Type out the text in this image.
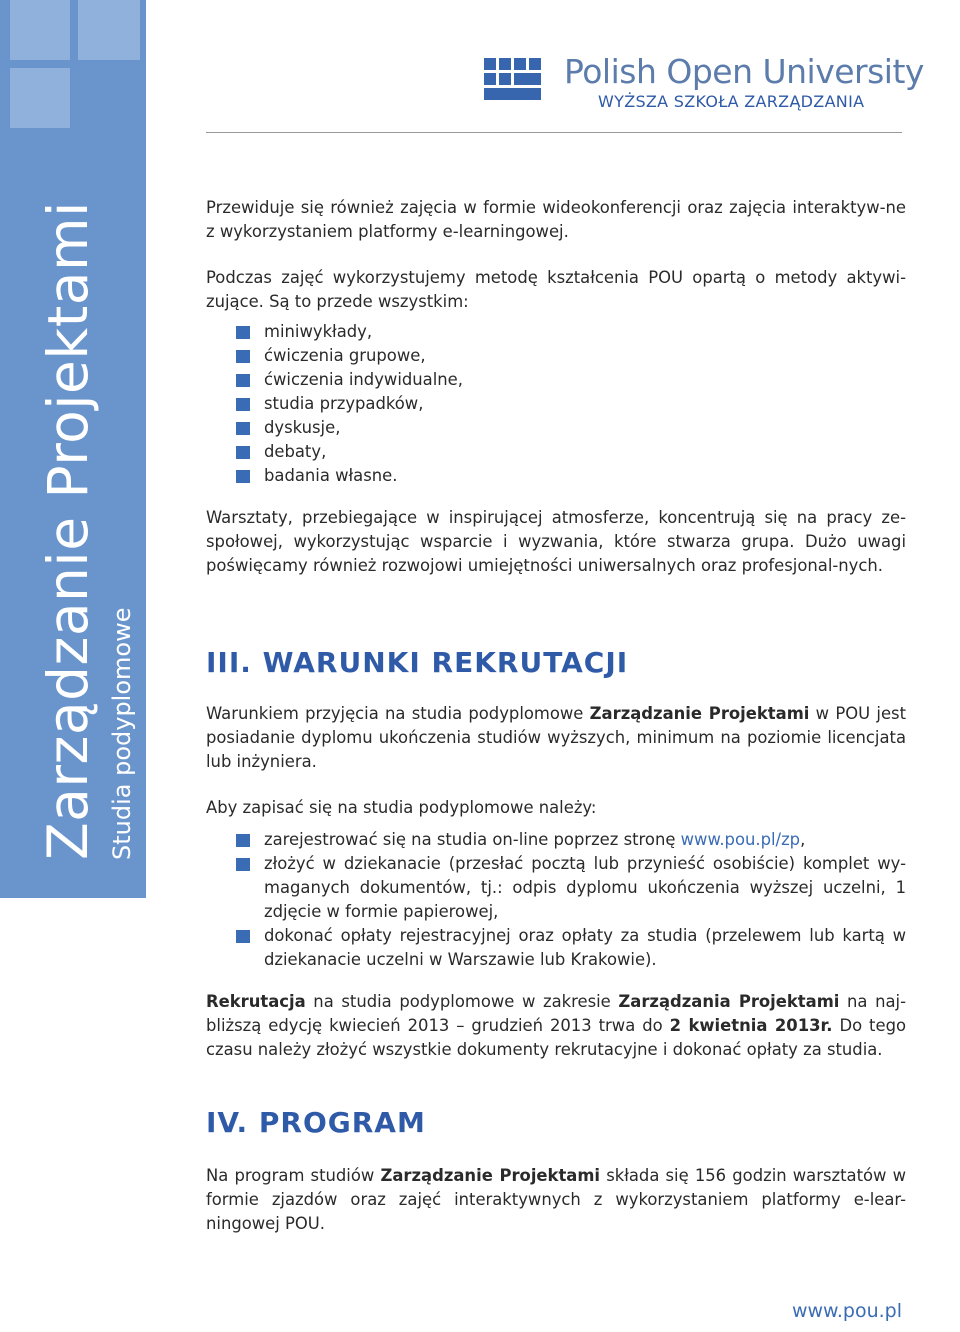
Studia podyplomowe
Zarządzanie Projektami
Polish Open University
WYŻSZA SZKOŁA ZARZĄDZANIA

Przewiduje się również zajęcia w formie wideokonferencji oraz zajęcia interaktyw-ne z wykorzystaniem platformy e-learningowej.

Podczas zajęć wykorzystujemy metodę kształcenia POU opartą o metody aktywi-zujące. Są to przede wszystkim:

miniwykłady,
ćwiczenia grupowe,
ćwiczenia indywidualne,
studia przypadków,
dyskusje,
debaty,
badania własne.

Warsztaty, przebiegające w inspirującej atmosferze, koncentrują się na pracy ze-społowej, wykorzystując wsparcie i wyzwania, które stwarza grupa. Dużo uwagi poświęcamy również rozwojowi umiejętności uniwersalnych oraz profesjonal-nych.

III. WARUNKI REKRUTACJI

Warunkiem przyjęcia na studia podyplomowe Zarządzanie Projektami w POU jest posiadanie dyplomu ukończenia studiów wyższych, minimum na poziomie licencjata lub inżyniera.

Aby zapisać się na studia podyplomowe należy:

zarejestrować się na studia on-line poprzez stronę www.pou.pl/zp,
złożyć w dziekanacie (przesłać pocztą lub przynieść osobiście) komplet wy-maganych dokumentów, tj.: odpis dyplomu ukończenia wyższej uczelni, 1 zdjęcie w formie papierowej,
dokonać opłaty rejestracyjnej oraz opłaty za studia (przelewem lub kartą w dziekanacie uczelni w Warszawie lub Krakowie).

Rekrutacja na studia podyplomowe w zakresie Zarządzania Projektami na naj-bliższą edycję kwiecień 2013 – grudzień 2013 trwa do 2 kwietnia 2013r. Do tego czasu należy złożyć wszystkie dokumenty rekrutacyjne i dokonać opłaty za studia.

IV. PROGRAM

Na program studiów Zarządzanie Projektami składa się 156 godzin warsztatów w formie zjazdów oraz zajęć interaktywnych z wykorzystaniem platformy e-lear-ningowej POU.

www.pou.pl
